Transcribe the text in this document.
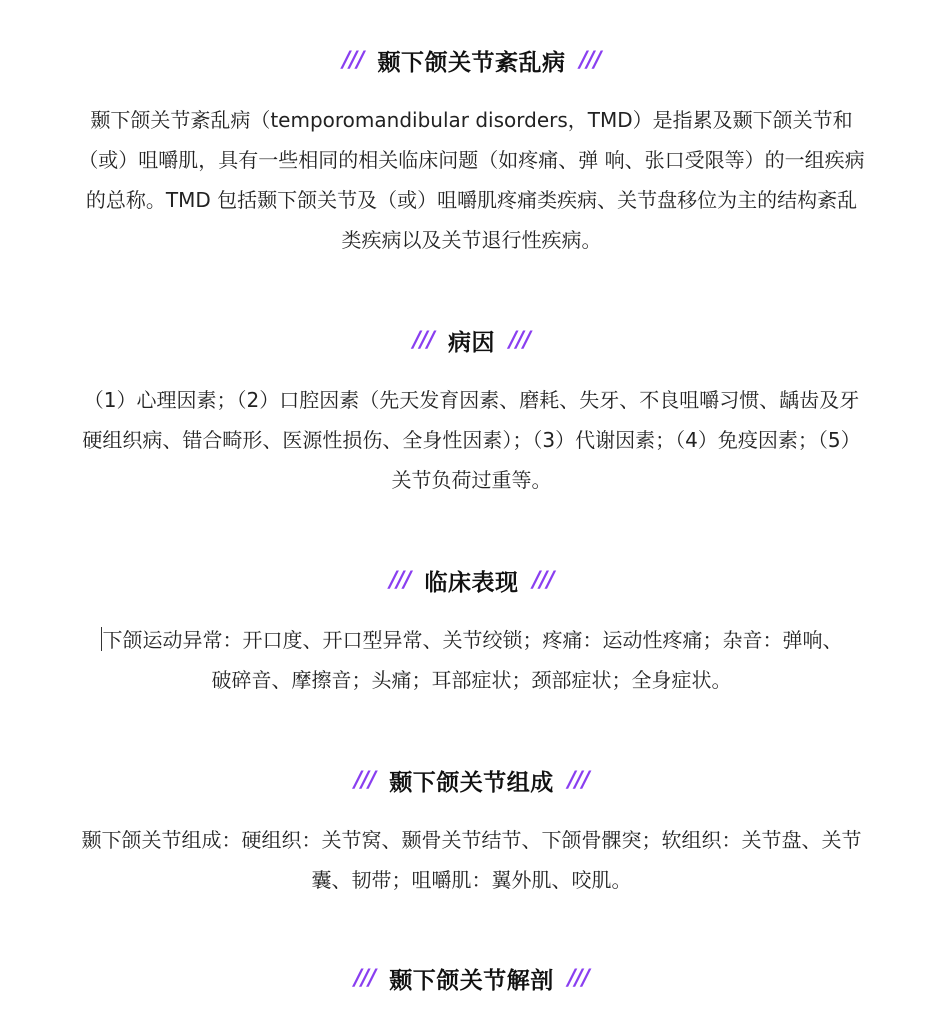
/// 颞下颌关节紊乱病 ///

颞下颌关节紊乱病（temporomandibular disorders，TMD）是指累及颞下颌关节和（或）咀嚼肌，具有一些相同的相关临床问题（如疼痛、弹 响、张口受限等）的一组疾病的总称。TMD 包括颞下颌关节及（或）咀嚼肌疼痛类疾病、关节盘移位为主的结构紊乱类疾病以及关节退行性疾病。

/// 病因 ///

（1）心理因素；（2）口腔因素（先天发育因素、磨耗、失牙、不良咀嚼习惯、龋齿及牙硬组织病、错合畸形、医源性损伤、全身性因素）；（3）代谢因素；（4）免疫因素；（5）关节负荷过重等。

/// 临床表现 ///

下颌运动异常：开口度、开口型异常、关节绞锁；疼痛：运动性疼痛；杂音：弹响、破碎音、摩擦音；头痛；耳部症状；颈部症状；全身症状。

/// 颞下颌关节组成 ///

颞下颌关节组成：硬组织：关节窝、颞骨关节结节、下颌骨髁突；软组织：关节盘、关节囊、韧带；咀嚼肌：翼外肌、咬肌。

/// 颞下颌关节解剖 ///
